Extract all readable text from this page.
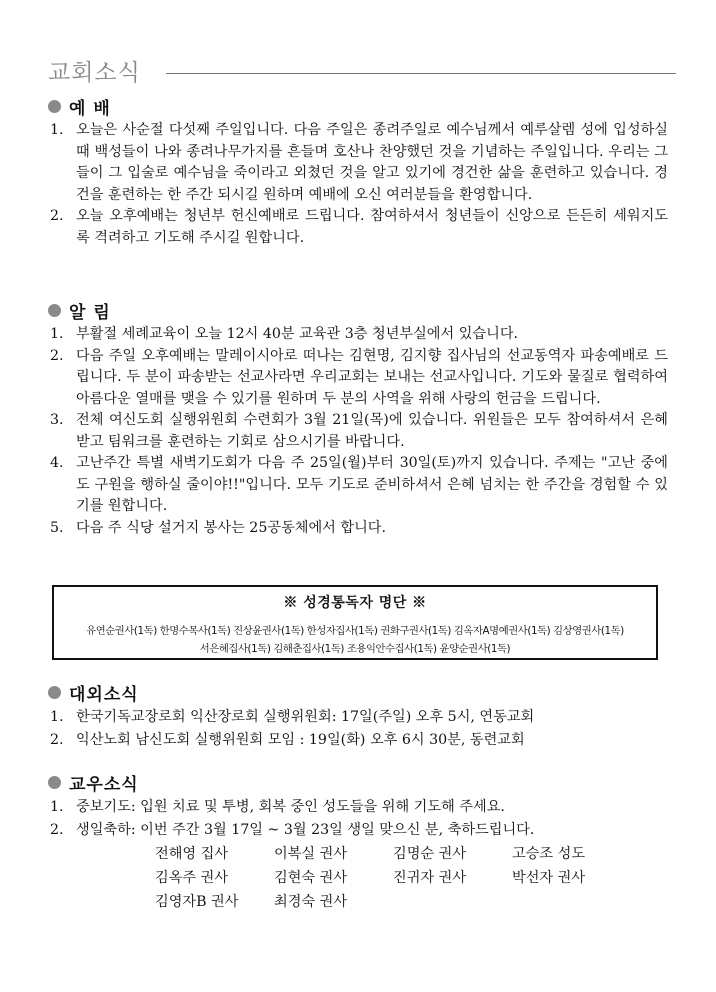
교회소식
예 배
1. 오늘은 사순절 다섯째 주일입니다. 다음 주일은 종려주일로 예수님께서 예루살렘 성에 입성하실 때 백성들이 나와 종려나무가지를 흔들며 호산나 찬양했던 것을 기념하는 주일입니다. 우리는 그들이 그 입술로 예수님을 죽이라고 외쳤던 것을 알고 있기에 경건한 삶을 훈련하고 있습니다. 경건을 훈련하는 한 주간 되시길 원하며 예배에 오신 여러분들을 환영합니다.
2. 오늘 오후예배는 청년부 헌신예배로 드립니다. 참여하셔서 청년들이 신앙으로 든든히 세워지도록 격려하고 기도해 주시길 원합니다.
알 림
1. 부활절 세례교육이 오늘 12시 40분 교육관 3층 청년부실에서 있습니다.
2. 다음 주일 오후예배는 말레이시아로 떠나는 김현명, 김지향 집사님의 선교동역자 파송예배로 드립니다. 두 분이 파송받는 선교사라면 우리교회는 보내는 선교사입니다. 기도와 물질로 협력하여 아름다운 열매를 맺을 수 있기를 원하며 두 분의 사역을 위해 사랑의 헌금을 드립니다.
3. 전체 여신도회 실행위원회 수련회가 3월 21일(목)에 있습니다. 위원들은 모두 참여하셔서 은혜받고 팀워크를 훈련하는 기회로 삼으시기를 바랍니다.
4. 고난주간 특별 새벽기도회가 다음 주 25일(월)부터 30일(토)까지 있습니다. 주제는 "고난 중에도 구원을 행하실 줄이야!!"입니다. 모두 기도로 준비하셔서 은혜 넘치는 한 주간을 경험할 수 있기를 원합니다.
5. 다음 주 식당 설거지 봉사는 25공동체에서 합니다.
※ 성경통독자 명단 ※
유연순권사(1독) 한명수목사(1독) 진상윤권사(1독) 한성자집사(1독) 권화구권사(1독) 김옥자A명예권사(1독) 김상영권사(1독)
서은혜집사(1독) 김해춘집사(1독) 조용익안수집사(1독) 윤양순권사(1독)
대외소식
1. 한국기독교장로회 익산장로회 실행위원회: 17일(주일) 오후 5시, 연동교회
2. 익산노회 남신도회 실행위원회 모임 : 19일(화) 오후 6시 30분, 동련교회
교우소식
1. 중보기도: 입원 치료 및 투병, 회복 중인 성도들을 위해 기도해 주세요.
2. 생일축하: 이번 주간 3월 17일 ~ 3월 23일 생일 맞으신 분, 축하드립니다.
전해영 집사	이복실 권사	김명순 권사	고승조 성도
김옥주 권사	김현숙 권사	진귀자 권사	박선자 권사
김영자B 권사	최경숙 권사
